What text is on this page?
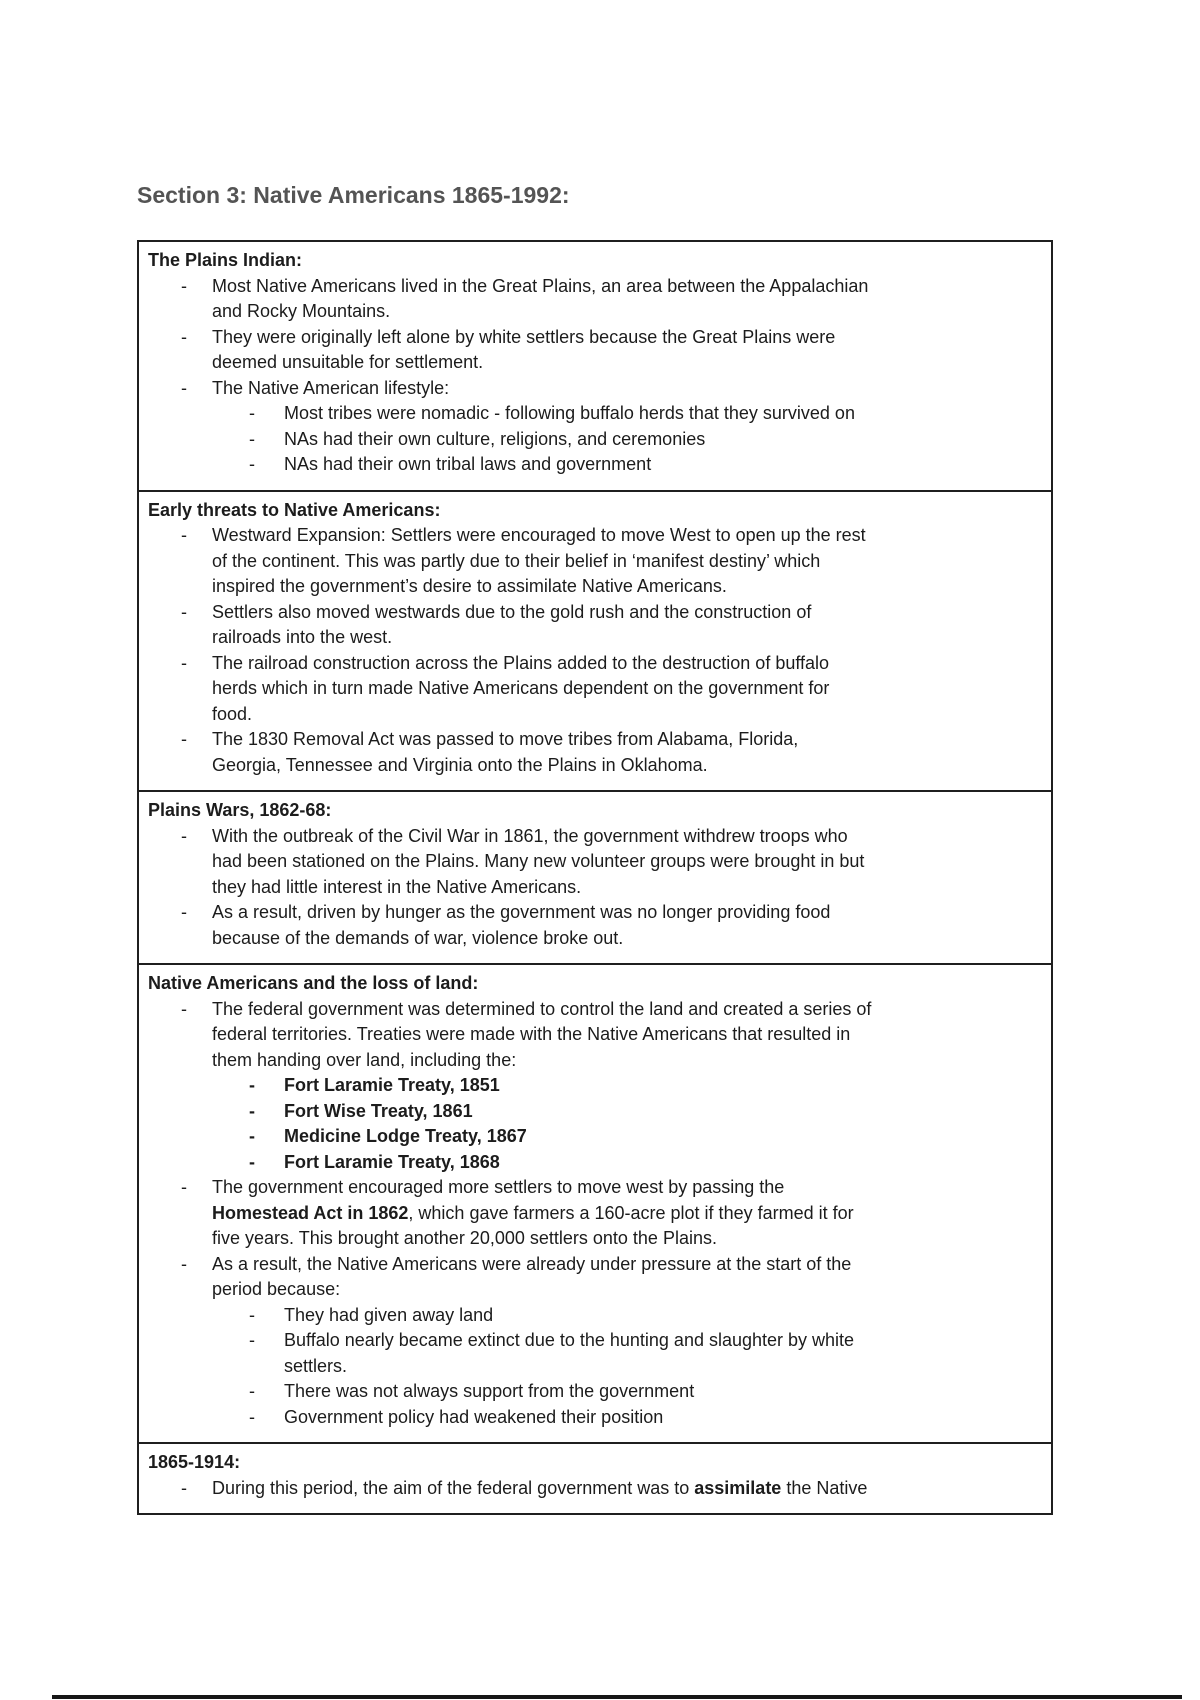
Section 3: Native Americans 1865-1992:
The Plains Indian:
- Most Native Americans lived in the Great Plains, an area between the Appalachian
and Rocky Mountains.
- They were originally left alone by white settlers because the Great Plains were
deemed unsuitable for settlement.
- The Native American lifestyle:
- Most tribes were nomadic - following buffalo herds that they survived on
- NAs had their own culture, religions, and ceremonies
- NAs had their own tribal laws and government
Early threats to Native Americans:
- Westward Expansion: Settlers were encouraged to move West to open up the rest
of the continent. This was partly due to their belief in ‘manifest destiny’ which
inspired the government’s desire to assimilate Native Americans.
- Settlers also moved westwards due to the gold rush and the construction of
railroads into the west.
- The railroad construction across the Plains added to the destruction of buffalo
herds which in turn made Native Americans dependent on the government for
food.
- The 1830 Removal Act was passed to move tribes from Alabama, Florida,
Georgia, Tennessee and Virginia onto the Plains in Oklahoma.
Plains Wars, 1862-68:
- With the outbreak of the Civil War in 1861, the government withdrew troops who
had been stationed on the Plains. Many new volunteer groups were brought in but
they had little interest in the Native Americans.
- As a result, driven by hunger as the government was no longer providing food
because of the demands of war, violence broke out.
Native Americans and the loss of land:
- The federal government was determined to control the land and created a series of
federal territories. Treaties were made with the Native Americans that resulted in
them handing over land, including the:
- Fort Laramie Treaty, 1851
- Fort Wise Treaty, 1861
- Medicine Lodge Treaty, 1867
- Fort Laramie Treaty, 1868
- The government encouraged more settlers to move west by passing the
Homestead Act in 1862, which gave farmers a 160-acre plot if they farmed it for
five years. This brought another 20,000 settlers onto the Plains.
- As a result, the Native Americans were already under pressure at the start of the
period because:
- They had given away land
- Buffalo nearly became extinct due to the hunting and slaughter by white
settlers.
- There was not always support from the government
- Government policy had weakened their position
1865-1914:
- During this period, the aim of the federal government was to assimilate the Native
